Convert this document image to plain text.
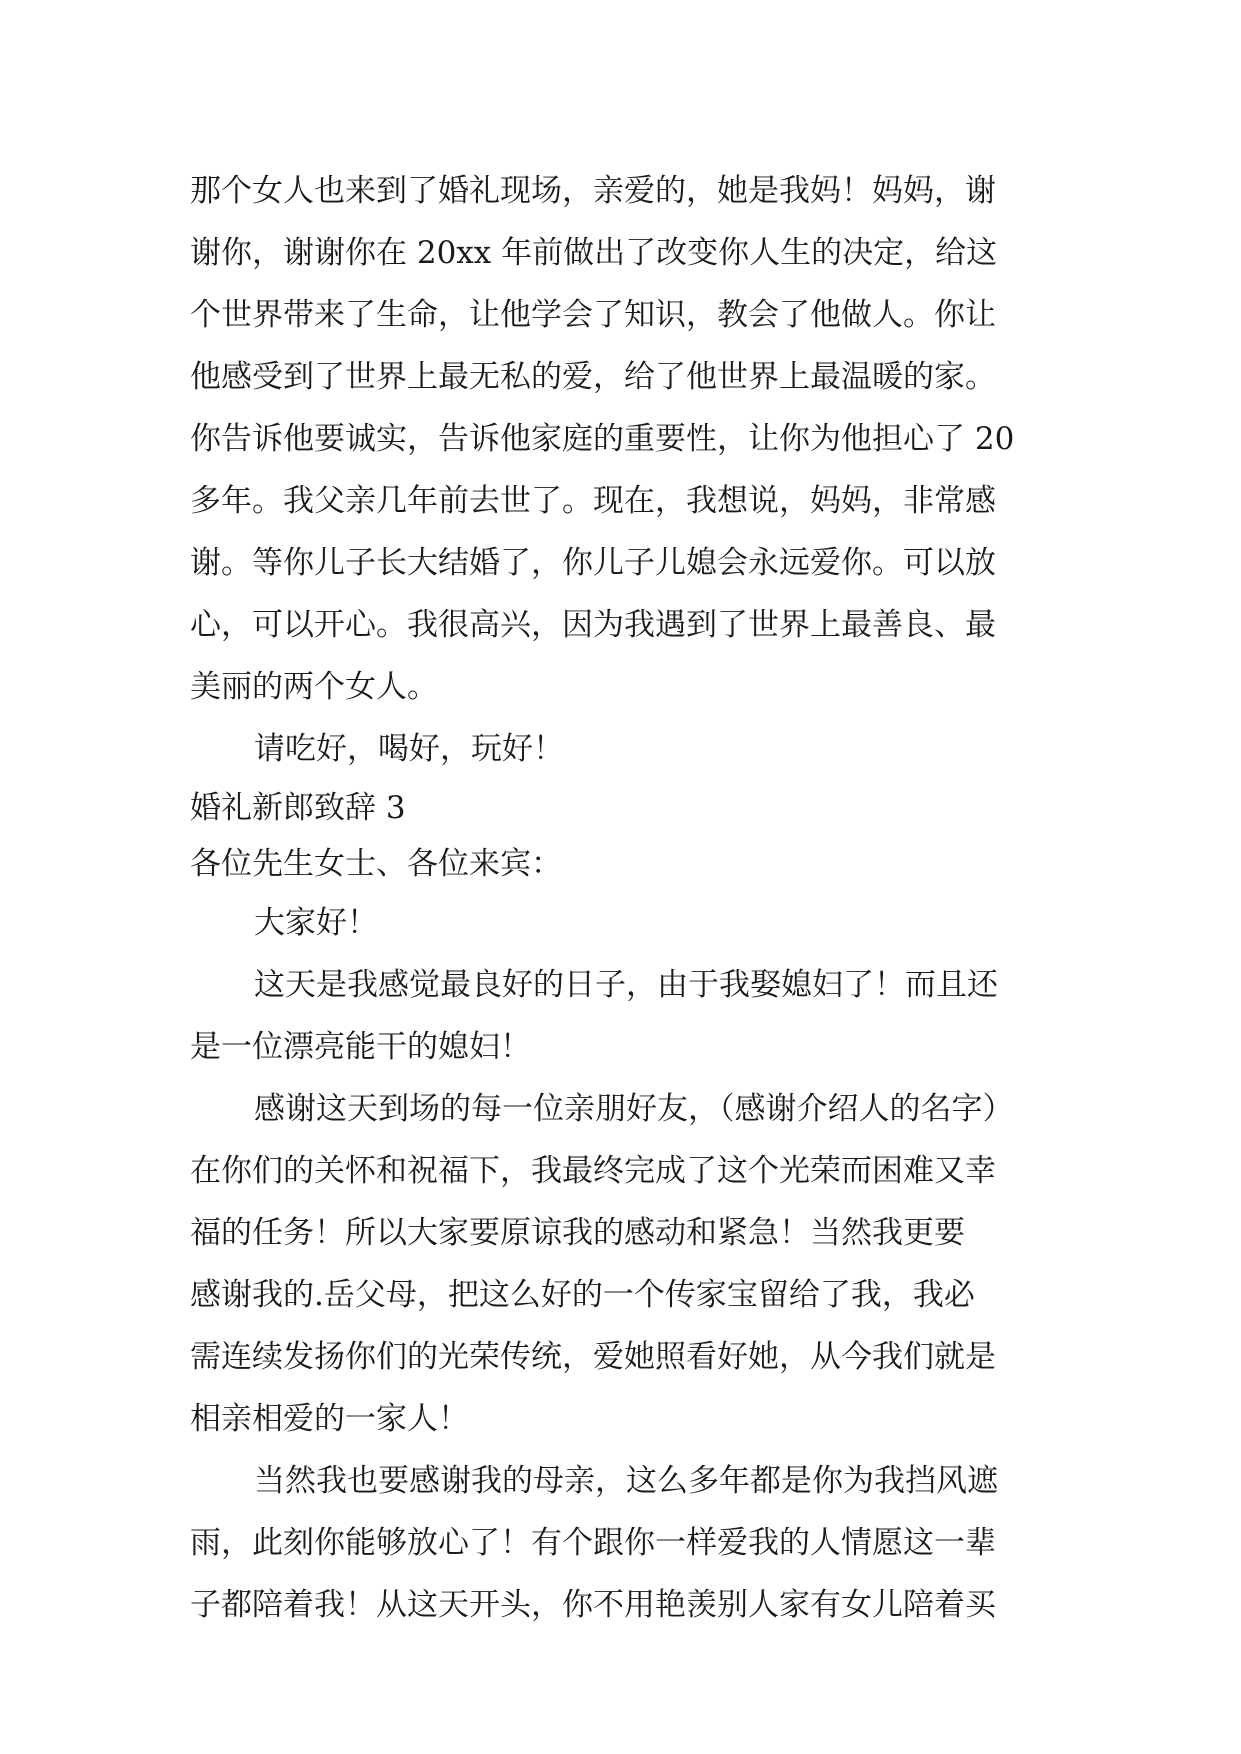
那个女人也来到了婚礼现场，亲爱的，她是我妈！妈妈，谢
谢你，谢谢你在 20xx 年前做出了改变你人生的决定，给这
个世界带来了生命，让他学会了知识，教会了他做人。你让
他感受到了世界上最无私的爱，给了他世界上最温暖的家。
你告诉他要诚实，告诉他家庭的重要性，让你为他担心了 20
多年。我父亲几年前去世了。现在，我想说，妈妈，非常感
谢。等你儿子长大结婚了，你儿子儿媳会永远爱你。可以放
心，可以开心。我很高兴，因为我遇到了世界上最善良、最
美丽的两个女人。
请吃好，喝好，玩好！
婚礼新郎致辞 3
各位先生女士、各位来宾：
大家好！
这天是我感觉最良好的日子，由于我娶媳妇了！而且还
是一位漂亮能干的媳妇！
感谢这天到场的每一位亲朋好友，（感谢介绍人的名字）
在你们的关怀和祝福下，我最终完成了这个光荣而困难又幸
福的任务！所以大家要原谅我的感动和紧急！当然我更要
感谢我的.岳父母，把这么好的一个传家宝留给了我，我必
需连续发扬你们的光荣传统，爱她照看好她，从今我们就是
相亲相爱的一家人！
当然我也要感谢我的母亲，这么多年都是你为我挡风遮
雨，此刻你能够放心了！有个跟你一样爱我的人情愿这一辈
子都陪着我！从这天开头，你不用艳羡别人家有女儿陪着买
